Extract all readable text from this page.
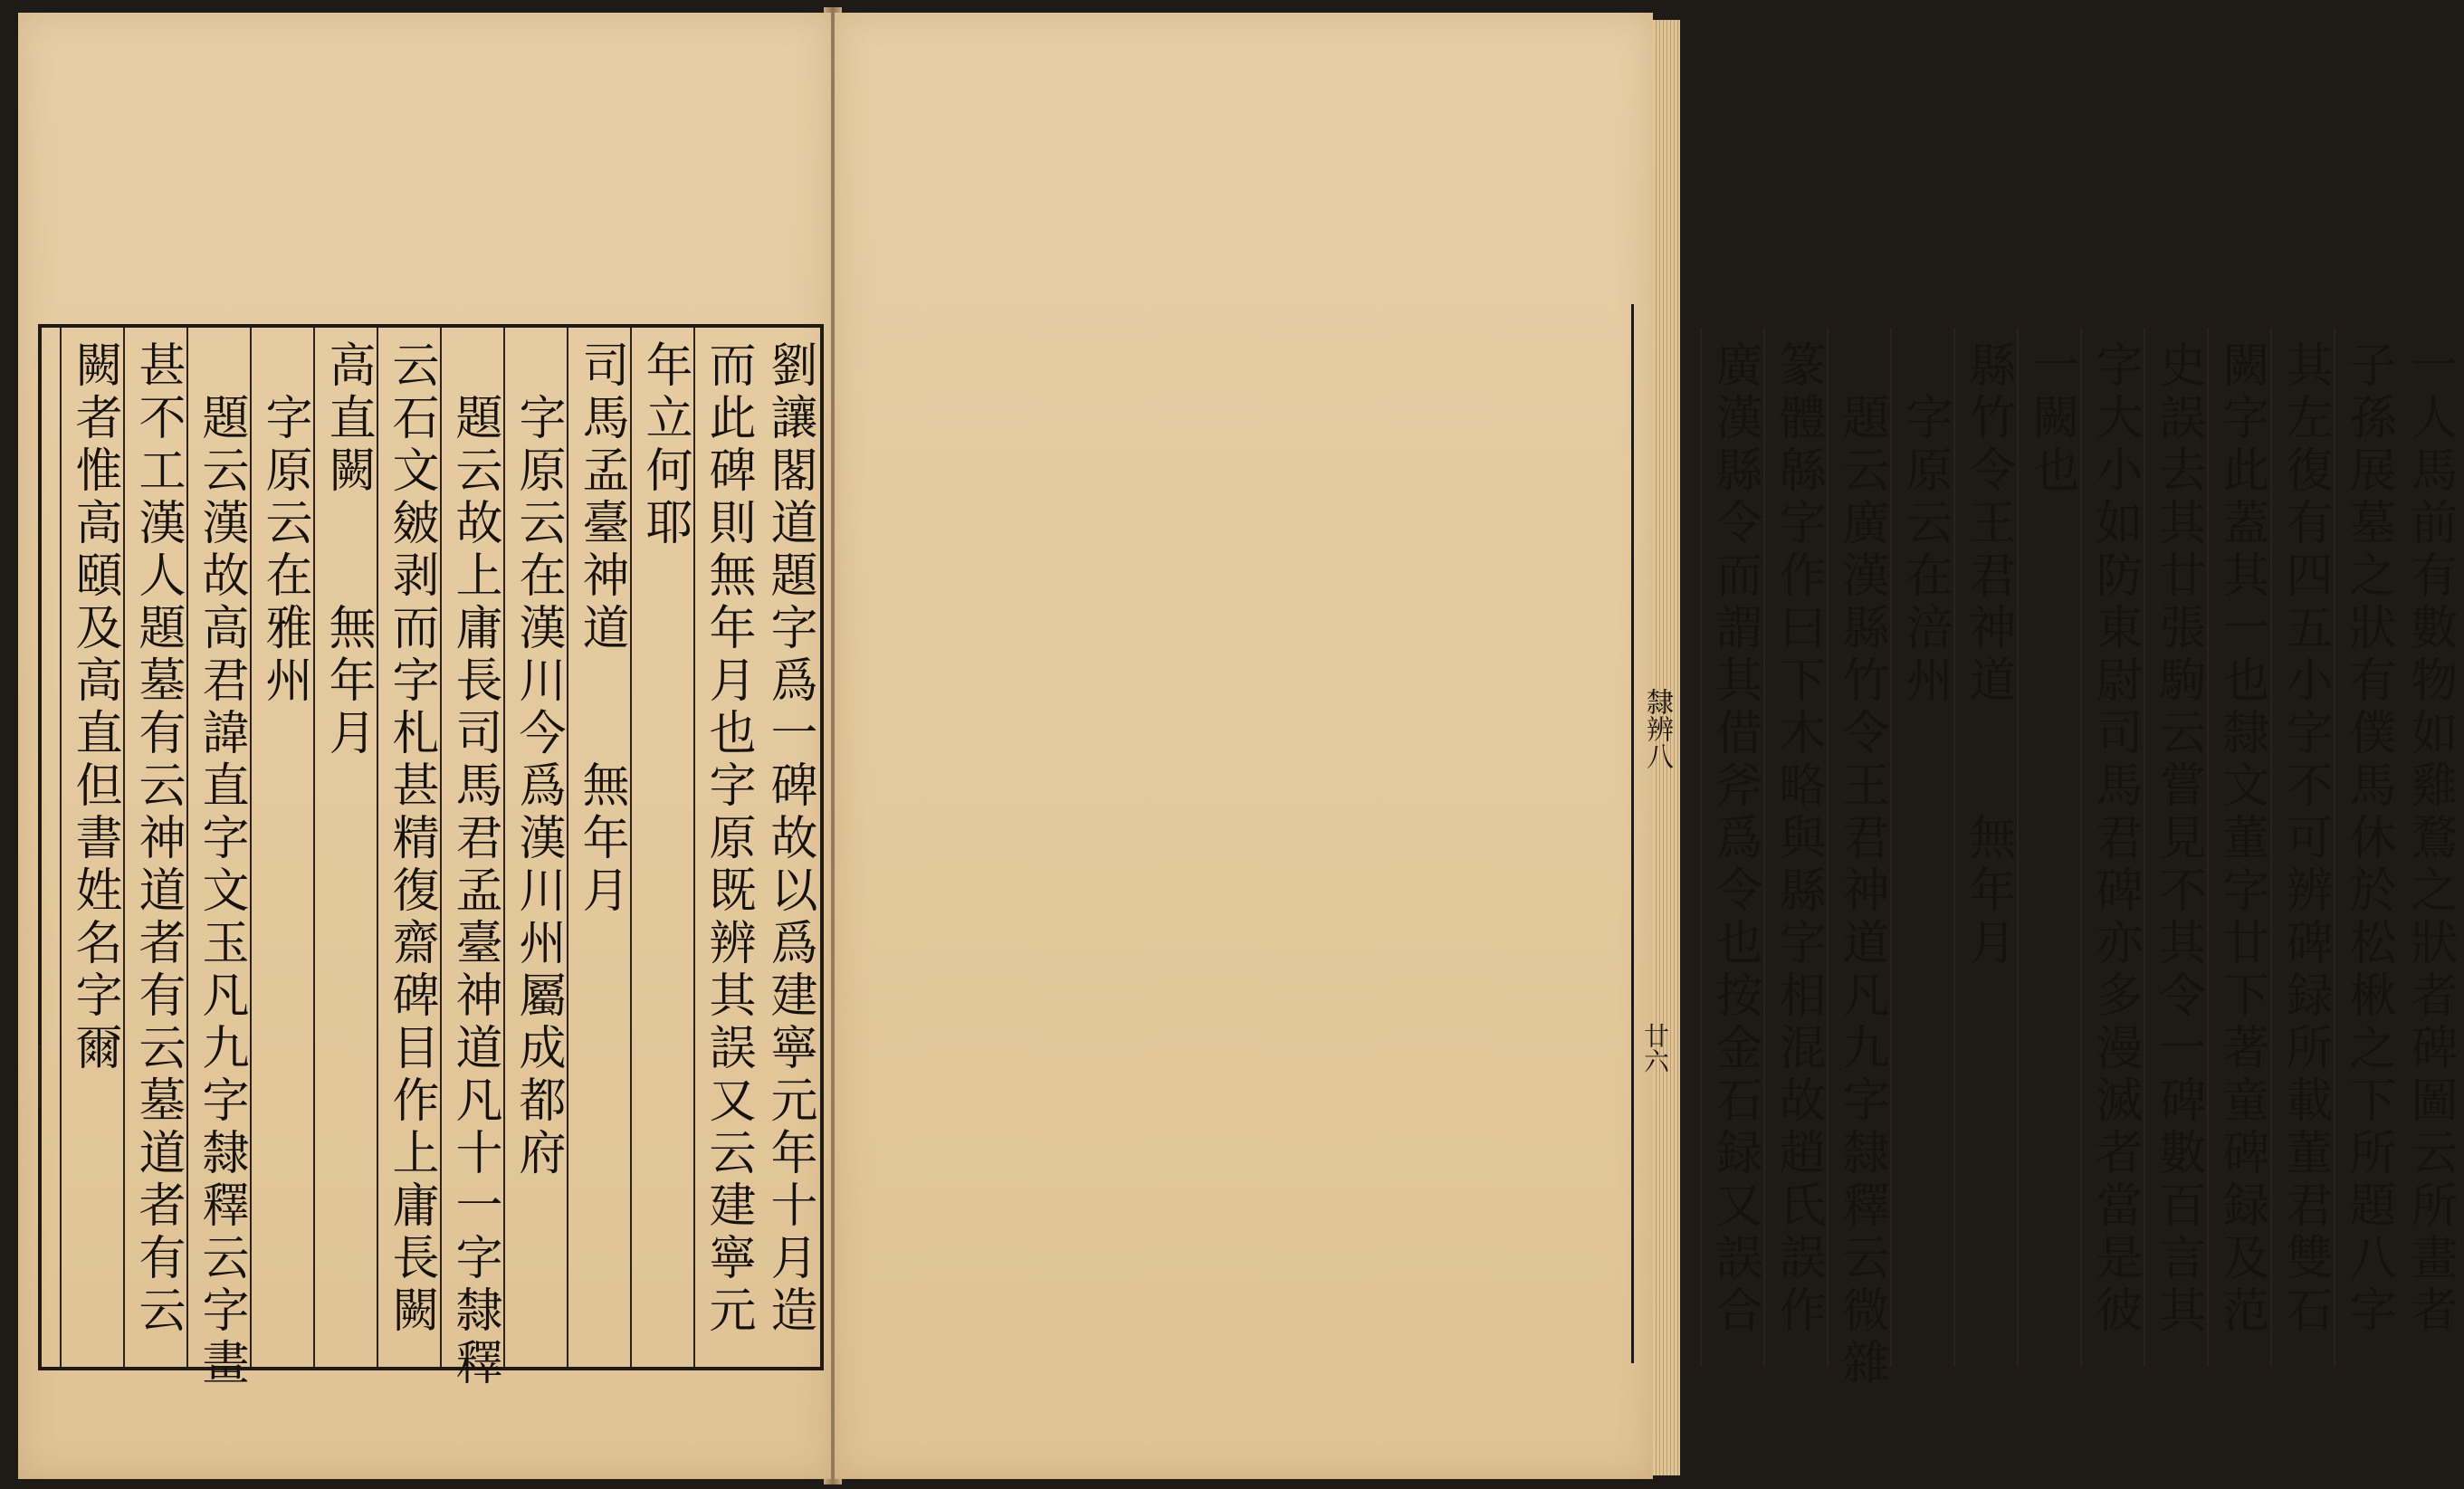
劉讓閣道題字爲一碑故以爲建寧元年十月造
而此碑則無年月也字原既辨其誤又云建寧元
年立何耶
司馬孟臺神道　　無年月
字原云在漢川今爲漢川州屬成都府
題云故上庸長司馬君孟臺神道凡十一字隸釋
云石文皴剥而字札甚精復齋碑目作上庸長闕
高直闕　　無年月
字原云在雅州
題云漢故高君諱直字文玉凡九字隸釋云字畫
甚不工漢人題墓有云神道者有云墓道者有云
闕者惟高頤及高直但書姓名字爾	一人馬前有數物如雞鶩之狀者碑圖云所畫者
子孫展墓之狀有僕馬休於松楸之下所題八字
其左復有四五小字不可辨碑録所載董君雙石
闕字此蓋其一也隸文董字廿下著童碑録及范
史誤去其廿張駒云嘗見不其令一碑數百言其
字大小如防東尉司馬君碑亦多漫滅者當是彼
一闕也
縣竹令王君神道　　無年月
字原云在涪州
題云廣漢縣竹令王君神道凡九字隸釋云微雜
篆體緜字作曰下木略與縣字相混故趙氏誤作
廣漢縣令而謂其借斧爲令也按金石録又誤合
隸辨八
廿六
